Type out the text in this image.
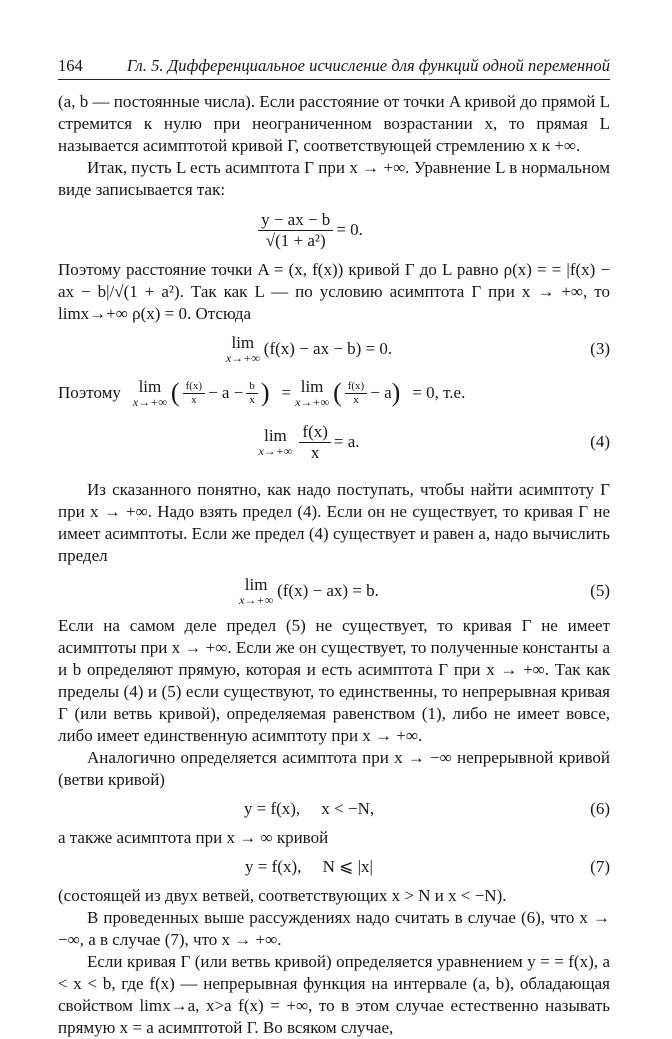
164	Гл. 5. Дифференциальное исчисление для функций одной переменной

(a, b — постоянные числа). Если расстояние от точки A кривой до прямой L стремится к нулю при неограниченном возрастании x, то прямая L называется асимптотой кривой Γ, соответствующей стремлению x к +∞.

Итак, пусть L есть асимптота Γ при x → +∞. Уравнение L в нормальном виде записывается так:

$\frac{y - ax - b}{\text{√(1 + a²)}} = 0$.

Поэтому расстояние точки A = (x, f(x)) кривой Γ до L равно ρ(x) = = |f(x) − ax − b|/√(1 + a²). Так как L — по условию асимптота Γ при x → +∞, то limx→+∞ ρ(x) = 0. Отсюда

lim
x→+∞ (f(x) − ax − b) = 0.	(3)
Поэтому lim
x→+∞ ( $\frac{f(x)}{x} - a - \frac{b}{x}$ ) = lim
x→+∞ ( $\frac{f(x)}{x} - a$ ) = 0, т.е.
lim
$x\to+\infty \frac{f(x)}{x} = a$.	(4)

Из сказанного понятно, как надо поступать, чтобы найти асимптоту Γ при x → +∞. Надо взять предел (4). Если он не существует, то кривая Γ не имеет асимптоты. Если же предел (4) существует и равен a, надо вычислить предел

lim
x→+∞ (f(x) − ax) = b.	(5)

Если на самом деле предел (5) не существует, то кривая Γ не имеет асимптоты при x → +∞. Если же он существует, то полученные константы a и b определяют прямую, которая и есть асимптота Γ при x → +∞. Так как пределы (4) и (5) если существуют, то единственны, то непрерывная кривая Γ (или ветвь кривой), определяемая равенством (1), либо не имеет вовсе, либо имеет единственную асимптоту при x → +∞.

Аналогично определяется асимптота при x → −∞ непрерывной кривой (ветви кривой)

y = f(x),     x < −N,	(6)

а также асимптота при x → ∞ кривой

y = f(x),     N ⩽ |x|	(7)

(состоящей из двух ветвей, соответствующих x > N и x < −N).

В проведенных выше рассуждениях надо считать в случае (6), что x → −∞, а в случае (7), что x → +∞.

Если кривая Γ (или ветвь кривой) определяется уравнением y = = f(x), a < x < b, где f(x) — непрерывная функция на интервале (a, b), обладающая свойством limx→a, x>a f(x) = +∞, то в этом случае естественно называть прямую x = a асимптотой Γ. Во всяком случае,
